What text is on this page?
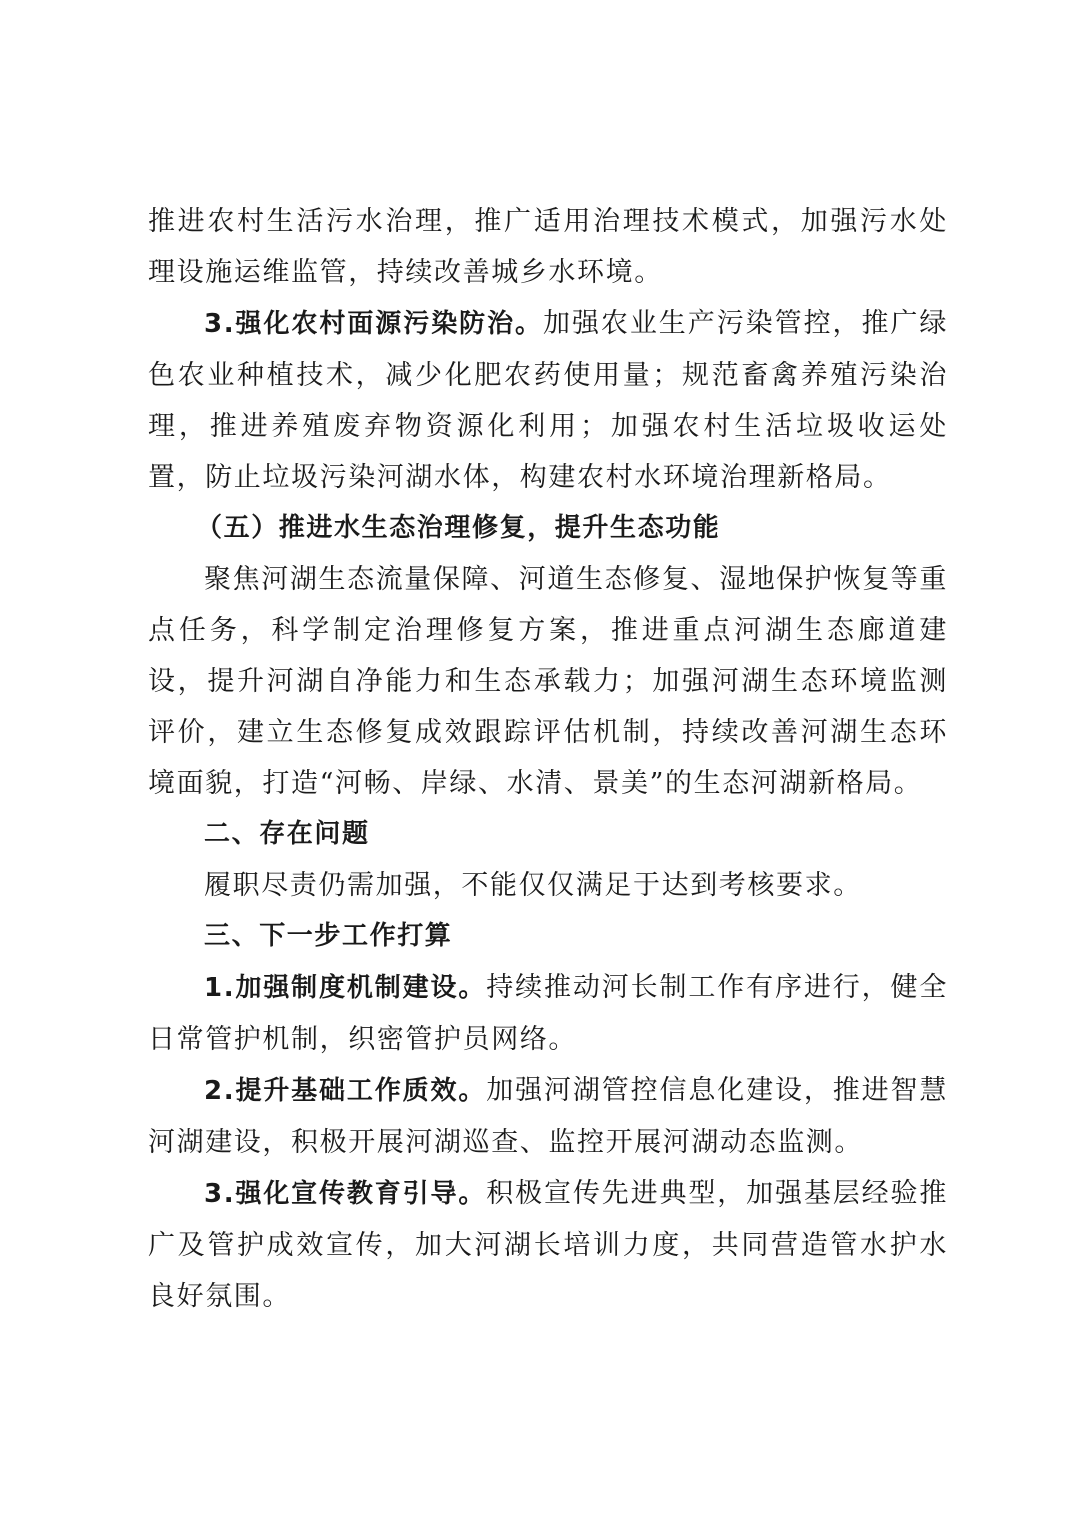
推进农村生活污水治理，推广适用治理技术模式，加强污水处理设施运维监管，持续改善城乡水环境。

3.强化农村面源污染防治。加强农业生产污染管控，推广绿色农业种植技术，减少化肥农药使用量；规范畜禽养殖污染治理，推进养殖废弃物资源化利用；加强农村生活垃圾收运处置，防止垃圾污染河湖水体，构建农村水环境治理新格局。

（五）推进水生态治理修复，提升生态功能

聚焦河湖生态流量保障、河道生态修复、湿地保护恢复等重点任务，科学制定治理修复方案，推进重点河湖生态廊道建设，提升河湖自净能力和生态承载力；加强河湖生态环境监测评价，建立生态修复成效跟踪评估机制，持续改善河湖生态环境面貌，打造“河畅、岸绿、水清、景美”的生态河湖新格局。

二、存在问题

履职尽责仍需加强，不能仅仅满足于达到考核要求。

三、下一步工作打算

1.加强制度机制建设。持续推动河长制工作有序进行，健全日常管护机制，织密管护员网络。

2.提升基础工作质效。加强河湖管控信息化建设，推进智慧河湖建设，积极开展河湖巡查、监控开展河湖动态监测。

3.强化宣传教育引导。积极宣传先进典型，加强基层经验推广及管护成效宣传，加大河湖长培训力度，共同营造管水护水良好氛围。
